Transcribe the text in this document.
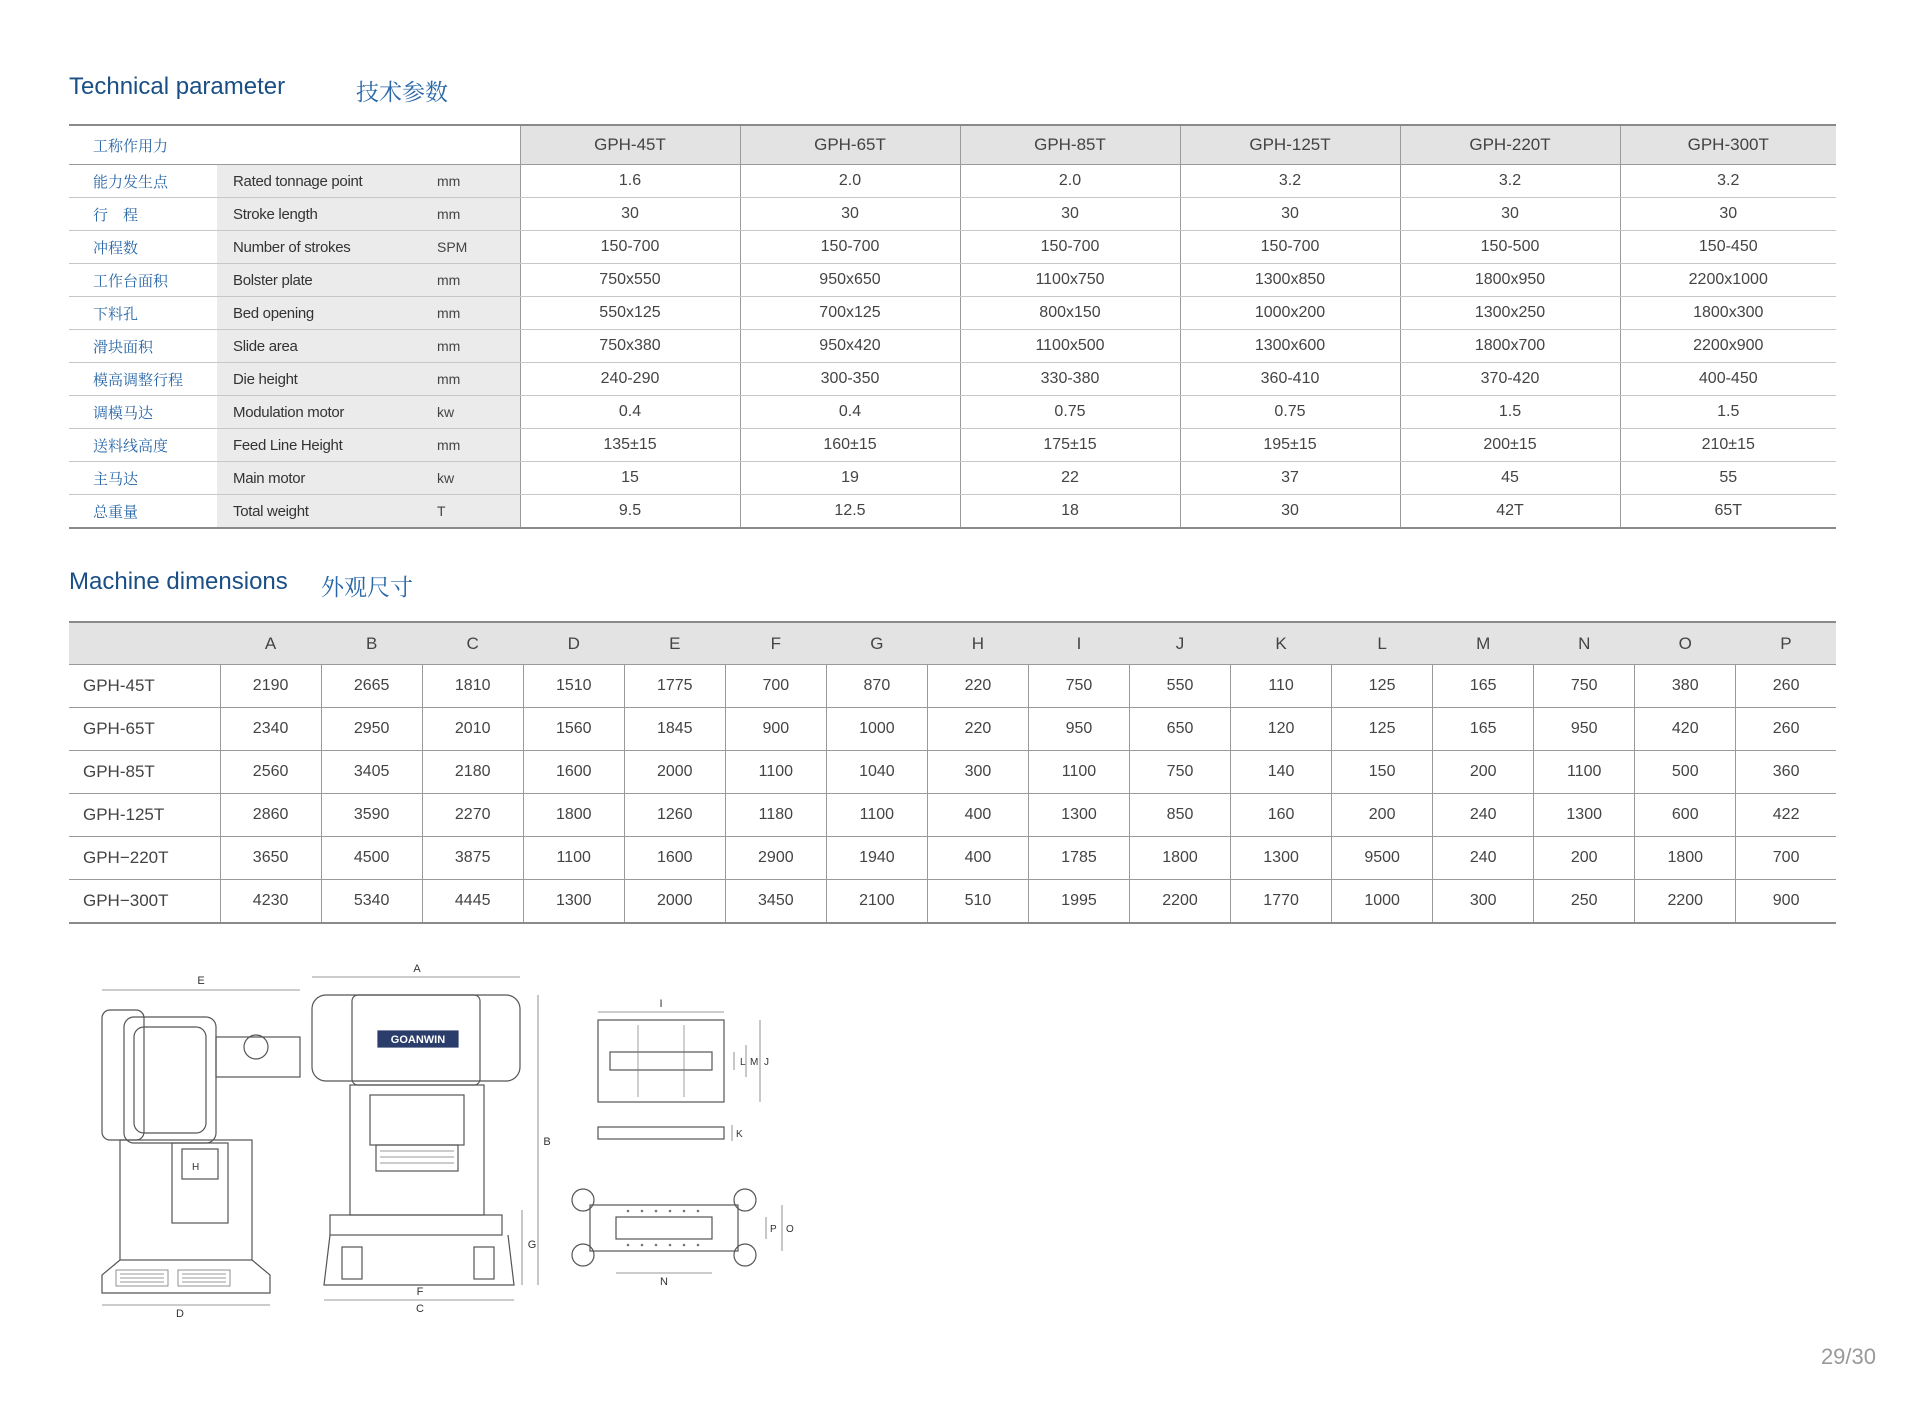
Technical parameter	技术参数
工称作用力			GPH-45T	GPH-65T	GPH-85T	GPH-125T	GPH-220T	GPH-300T
能力发生点	Rated tonnage point	mm	1.6	2.0	2.0	3.2	3.2	3.2
行　程	Stroke length	mm	30	30	30	30	30	30
冲程数	Number of strokes	SPM	150-700	150-700	150-700	150-700	150-500	150-450
工作台面积	Bolster plate	mm	750x550	950x650	1100x750	1300x850	1800x950	2200x1000
下料孔	Bed opening	mm	550x125	700x125	800x150	1000x200	1300x250	1800x300
滑块面积	Slide area	mm	750x380	950x420	1100x500	1300x600	1800x700	2200x900
模高调整行程	Die height	mm	240-290	300-350	330-380	360-410	370-420	400-450
调模马达	Modulation motor	kw	0.4	0.4	0.75	0.75	1.5	1.5
送料线高度	Feed Line Height	mm	135±15	160±15	175±15	195±15	200±15	210±15
主马达	Main motor	kw	15	19	22	37	45	55
总重量	Total weight	T	9.5	12.5	18	30	42T	65T
Machine dimensions 外观尺寸
	A	B	C	D	E	F	G	H	I	J	K	L	M	N	O	P
GPH-45T	2190	2665	1810	1510	1775	700	870	220	750	550	110	125	165	750	380	260
GPH-65T	2340	2950	2010	1560	1845	900	1000	220	950	650	120	125	165	950	420	260
GPH-85T	2560	3405	2180	1600	2000	1100	1040	300	1100	750	140	150	200	1100	500	360
GPH-125T	2860	3590	2270	1800	1260	1180	1100	400	1300	850	160	200	240	1300	600	422
GPH−220T	3650	4500	3875	1100	1600	2900	1940	400	1785	1800	1300	9500	240	200	1800	700
GPH−300T	4230	5340	4445	1300	2000	3450	2100	510	1995	2200	1770	1000	300	250	2200	900
E
H
D
A
GOANWIN
F
C
B
G
I
L M J
K
N
P O
29/30
